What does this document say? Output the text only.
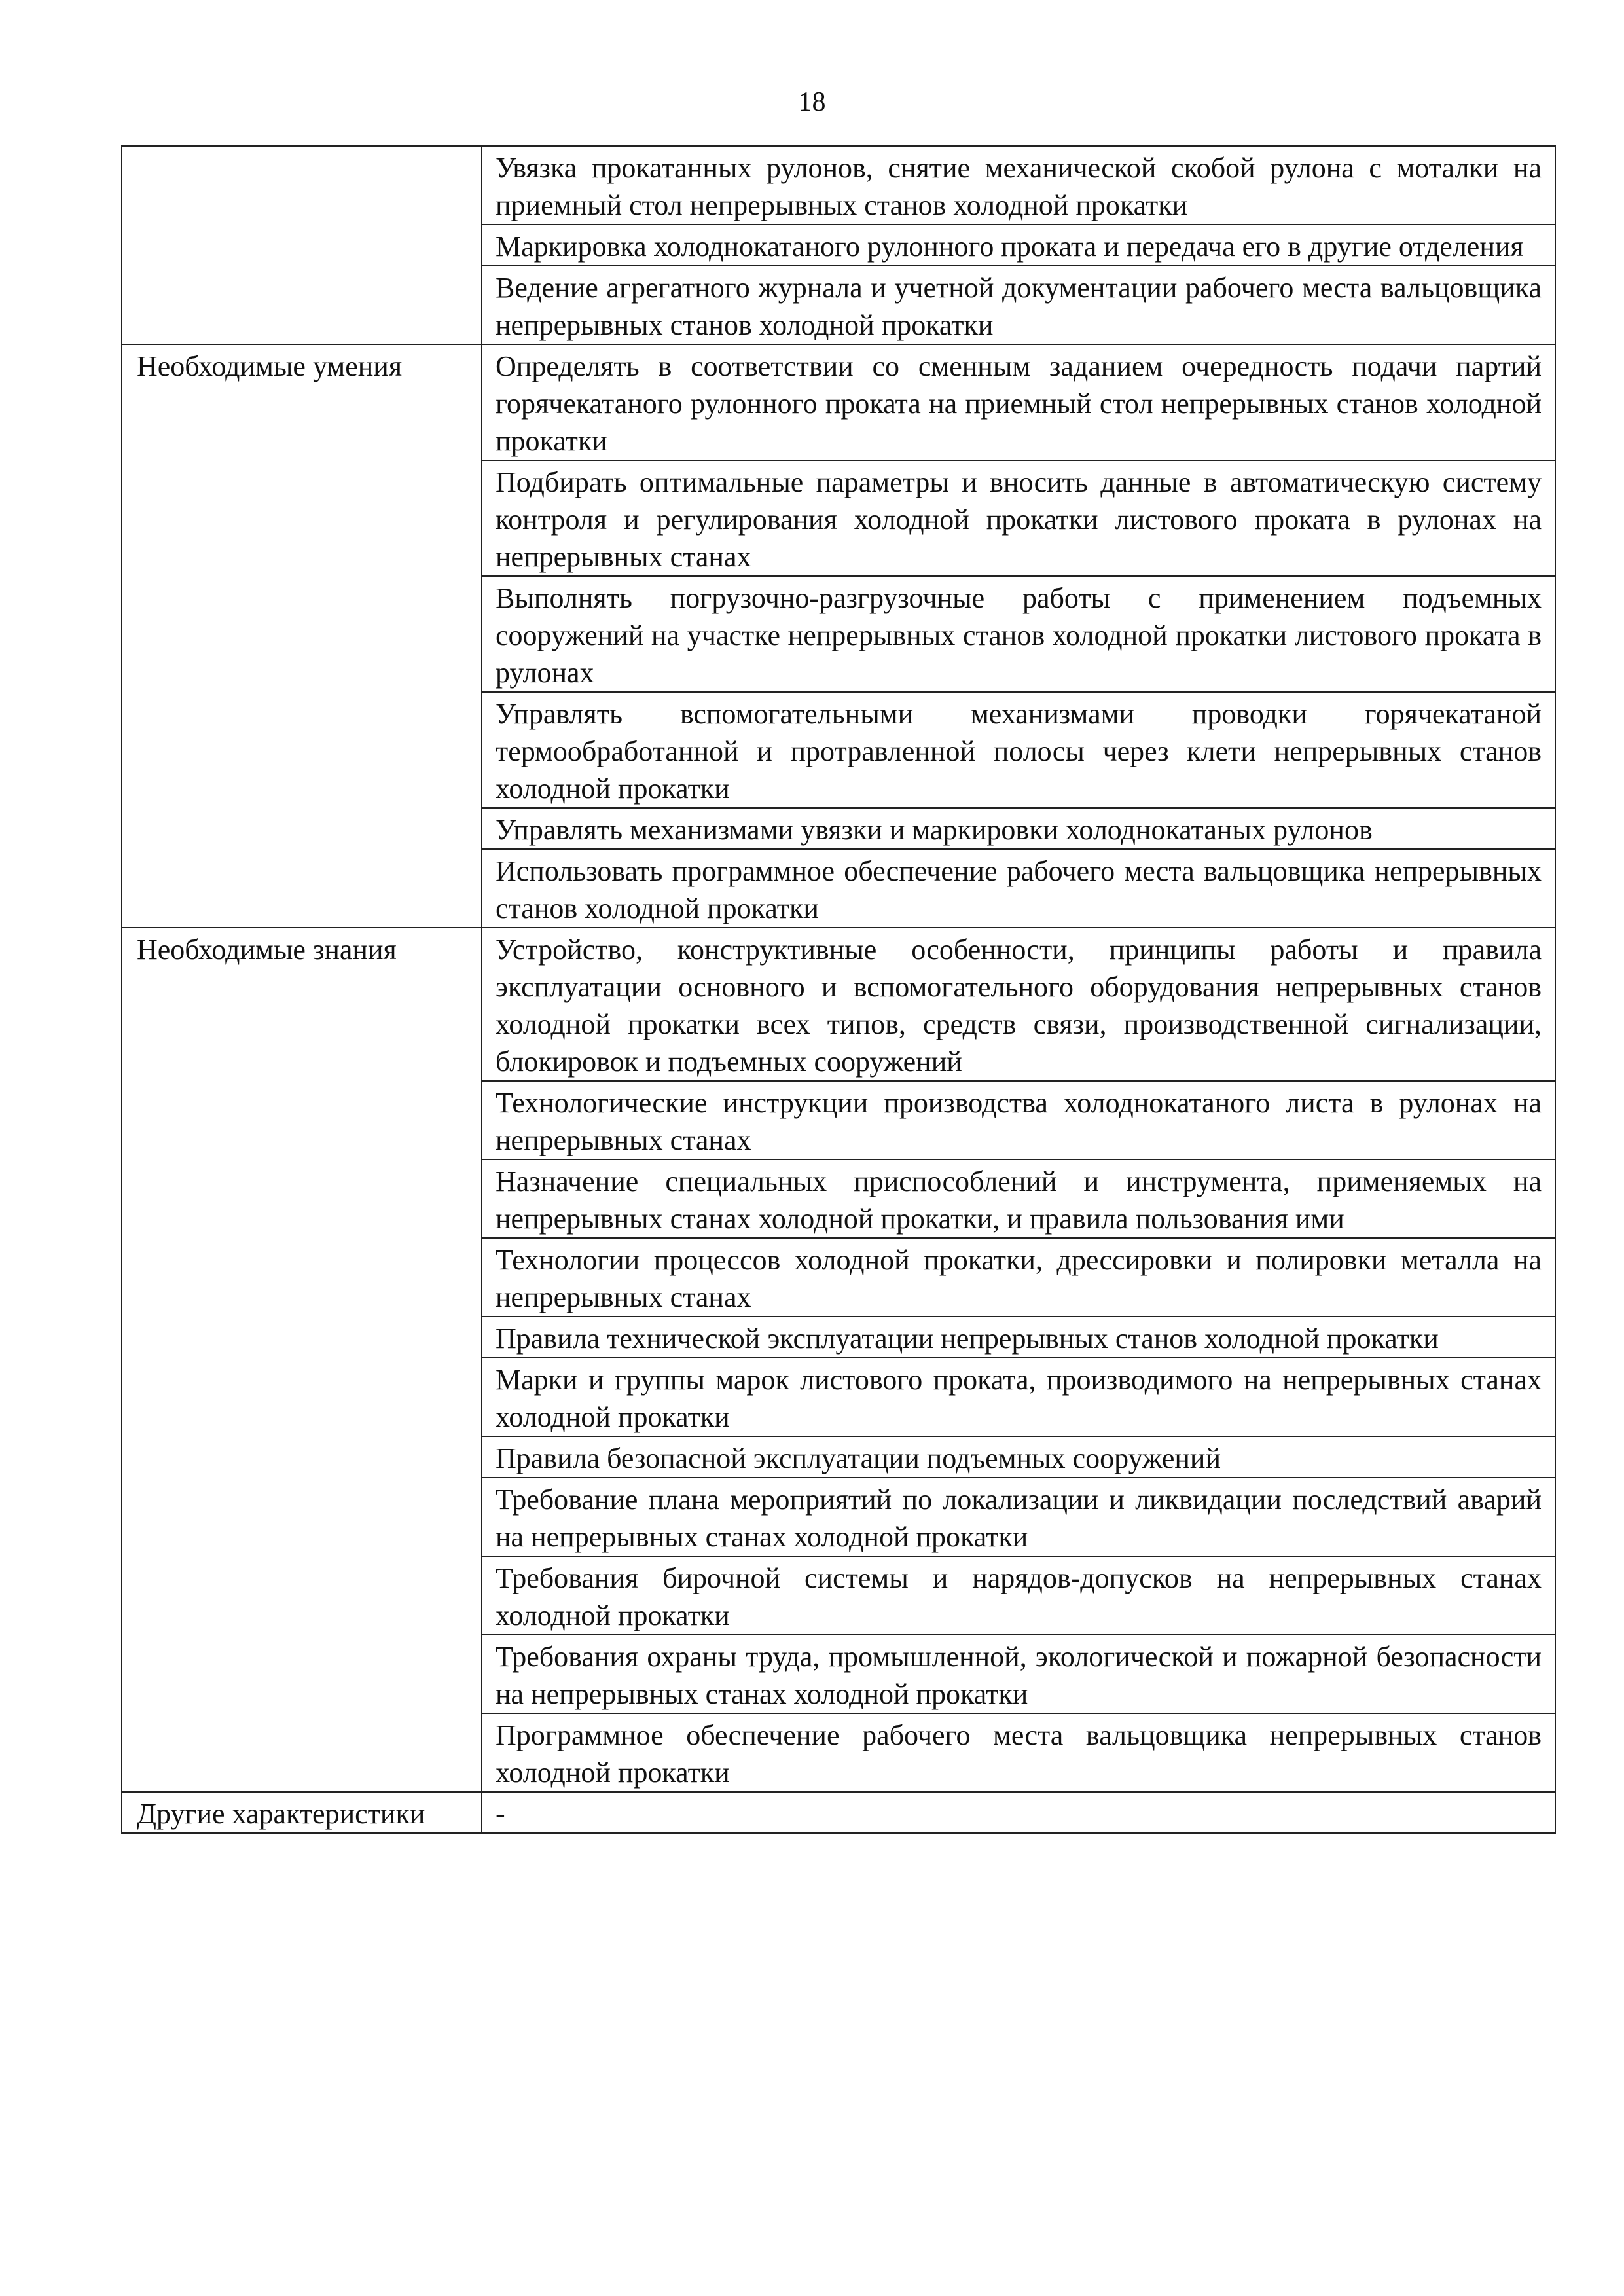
18

	Увязка прокатанных рулонов, снятие механической скобой рулона с моталки на приемный стол непрерывных станов холодной прокатки

	Маркировка холоднокатаного рулонного проката и передача его в другие отделения

	Ведение агрегатного журнала и учетной документации рабочего места вальцовщика непрерывных станов холодной прокатки

Необходимые умения	Определять в соответствии со сменным заданием очередность подачи партий горячекатаного рулонного проката на приемный стол непрерывных станов холодной прокатки

	Подбирать оптимальные параметры и вносить данные в автоматическую систему контроля и регулирования холодной прокатки листового проката в рулонах на непрерывных станах

	Выполнять погрузочно-разгрузочные работы с применением подъемных сооружений на участке непрерывных станов холодной прокатки листового проката в рулонах

	Управлять вспомогательными механизмами проводки горячекатаной термообработанной и протравленной полосы через клети непрерывных станов холодной прокатки

	Управлять механизмами увязки и маркировки холоднокатаных рулонов

	Использовать программное обеспечение рабочего места вальцовщика непрерывных станов холодной прокатки

Необходимые знания	Устройство, конструктивные особенности, принципы работы и правила эксплуатации основного и вспомогательного оборудования непрерывных станов холодной прокатки всех типов, средств связи, производственной сигнализации, блокировок и подъемных сооружений

	Технологические инструкции производства холоднокатаного листа в рулонах на непрерывных станах

	Назначение специальных приспособлений и инструмента, применяемых на непрерывных станах холодной прокатки, и правила пользования ими

	Технологии процессов холодной прокатки, дрессировки и полировки металла на непрерывных станах

	Правила технической эксплуатации непрерывных станов холодной прокатки

	Марки и группы марок листового проката, производимого на непрерывных станах холодной прокатки

	Правила безопасной эксплуатации подъемных сооружений

	Требование плана мероприятий по локализации и ликвидации последствий аварий на непрерывных станах холодной прокатки

	Требования бирочной системы и нарядов-допусков на непрерывных станах холодной прокатки

	Требования охраны труда, промышленной, экологической и пожарной безопасности на непрерывных станах холодной прокатки

	Программное обеспечение рабочего места вальцовщика непрерывных станов холодной прокатки

Другие характеристики	-
